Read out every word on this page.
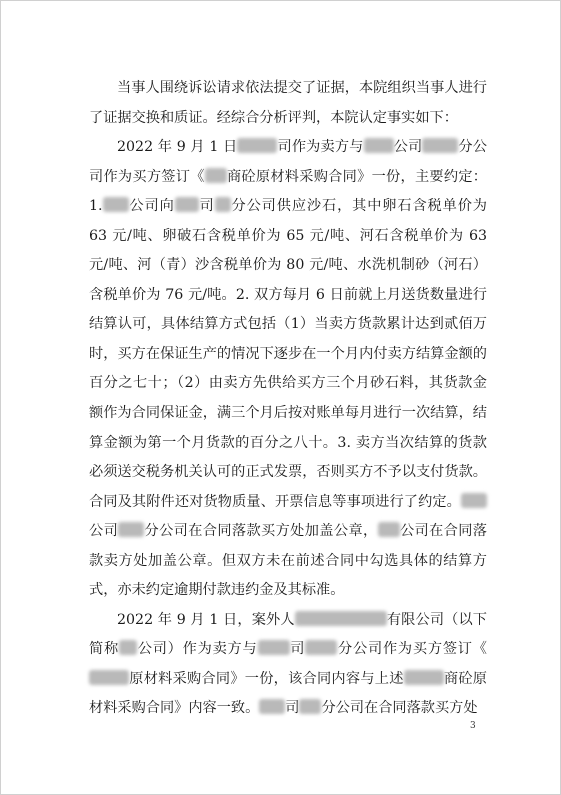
当事人围绕诉讼请求依法提交了证据，本院组织当事人进行了证据交换和质证。经综合分析评判，本院认定事实如下：

2022 年 9 月 1 日	司作为卖方与 公司	分公司作为买方签订《 商砼原材料采购合同》一份，主要约定：1. 公司向 司 分公司供应沙石，其中卵石含税单价为 63 元/吨、卵破石含税单价为 65 元/吨、河石含税单价为 63 元/吨、河（青）沙含税单价为 80 元/吨、水洗机制砂（河石）含税单价为 76 元/吨。2. 双方每月 6 日前就上月送货数量进行结算认可，具体结算方式包括（1）当卖方货款累计达到贰佰万时，买方在保证生产的情况下逐步在一个月内付卖方结算金额的百分之七十；（2）由卖方先供给买方三个月砂石料，其货款金额作为合同保证金，满三个月后按对账单每月进行一次结算，结算金额为第一个月货款的百分之八十。3. 卖方当次结算的货款必须送交税务机关认可的正式发票，否则买方不予以支付货款。合同及其附件还对货物质量、开票信息等事项进行了约定。公司 分公司在合同落款买方处加盖公章， 公司在合同落款卖方处加盖公章。但双方未在前述合同中勾选具体的结算方式，亦未约定逾期付款违约金及其标准。

2022 年 9 月 1 日，案外人	有限公司（以下简称 公司）作为卖方与 司 分公司作为买方签订《原材料采购合同》一份，该合同内容与上述	商砼原材料采购合同》内容一致。 司 分公司在合同落款买方处

3
